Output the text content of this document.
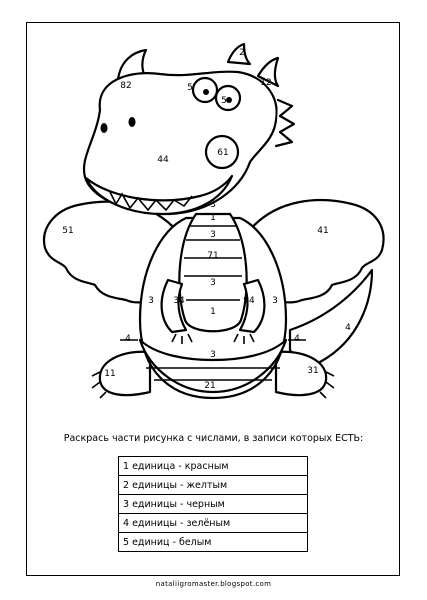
82
2
5
5
12
44
61
3
1
3
71
3
51	41
3 34	94 3
1
4	4
4
3
11	31
21
Раскрась части рисунка с числами, в записи которых ЕСТЬ:
1 единица - красным
2 единицы - желтым
3 единицы - черным
4 единицы - зелёным
5 единиц - белым
nataliigromaster.blogspot.com
